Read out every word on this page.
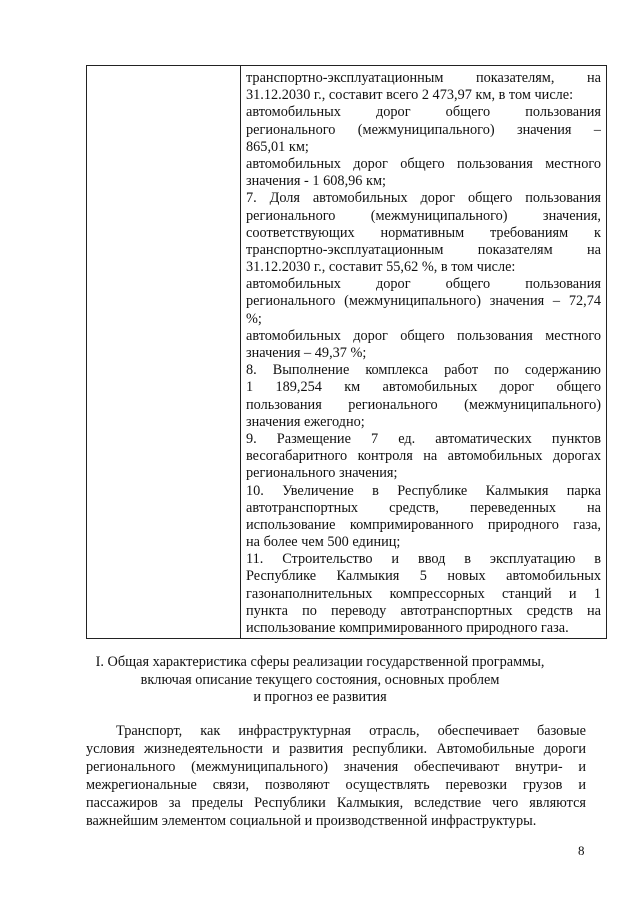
транспортно-эксплуатационным показателям, на
31.12.2030 г., составит всего 2 473,97 км, в том числе:
автомобильных дорог общего пользования
регионального (межмуниципального) значения –
865,01 км;
автомобильных дорог общего пользования местного
значения - 1 608,96 км;
7. Доля автомобильных дорог общего пользования
регионального (межмуниципального) значения,
соответствующих нормативным требованиям к
транспортно-эксплуатационным показателям на
31.12.2030 г., составит 55,62 %, в том числе:
автомобильных дорог общего пользования
регионального (межмуниципального) значения – 72,74
%;
автомобильных дорог общего пользования местного
значения – 49,37 %;
8. Выполнение комплекса работ по содержанию
1 189,254 км автомобильных дорог общего
пользования регионального (межмуниципального)
значения ежегодно;
9. Размещение 7 ед. автоматических пунктов
весогабаритного контроля на автомобильных дорогах
регионального значения;
10. Увеличение в Республике Калмыкия парка
автотранспортных средств, переведенных на
использование компримированного природного газа,
на более чем 500 единиц;
11. Строительство и ввод в эксплуатацию в
Республике Калмыкия 5 новых автомобильных
газонаполнительных компрессорных станций и 1
пункта по переводу автотранспортных средств на
использование компримированного природного газа.
I. Общая характеристика сферы реализации государственной программы,
включая описание текущего состояния, основных проблем
и прогноз ее развития
Транспорт, как инфраструктурная отрасль, обеспечивает базовые
условия жизнедеятельности и развития республики. Автомобильные дороги
регионального (межмуниципального) значения обеспечивают внутри- и
межрегиональные связи, позволяют осуществлять перевозки грузов и
пассажиров за пределы Республики Калмыкия, вследствие чего являются
важнейшим элементом социальной и производственной инфраструктуры.
8
